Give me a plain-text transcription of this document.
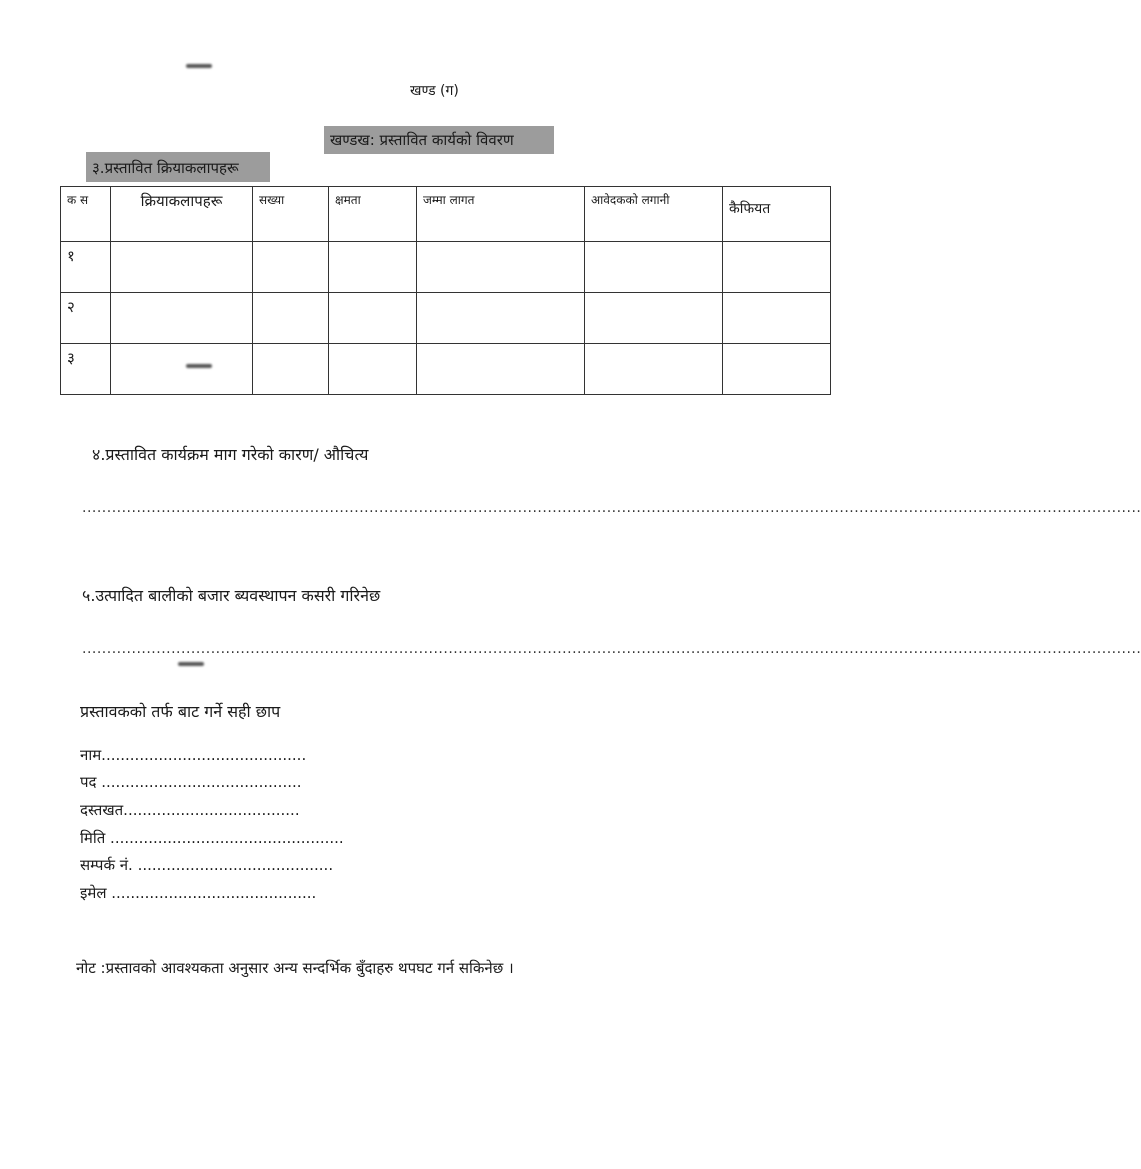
खण्ड (ग)
खण्डख: प्रस्तावित कार्यको विवरण
३.प्रस्तावित क्रियाकलापहरू
क स	क्रियाकलापहरू	सख्या	क्षमता	जम्मा लागत	आवेदकको लगानी	कैफियत
१						
२						
३						
४.प्रस्तावित कार्यक्रम माग गरेको कारण/ औचित्य
......................................................................................................................................................................................................................
५.उत्पादित बालीको बजार ब्यवस्थापन कसरी गरिनेछ
......................................................................................................................................................................................................................
प्रस्तावकको तर्फ बाट गर्ने सही छाप
नाम...........................................
पद ..........................................
दस्तखत.....................................
मिति .................................................
सम्पर्क नं. .........................................
इमेल ...........................................
नोट :प्रस्तावको आवश्यकता अनुसार अन्य सन्दर्भिक बुँदाहरु थपघट गर्न सकिनेछ ।
